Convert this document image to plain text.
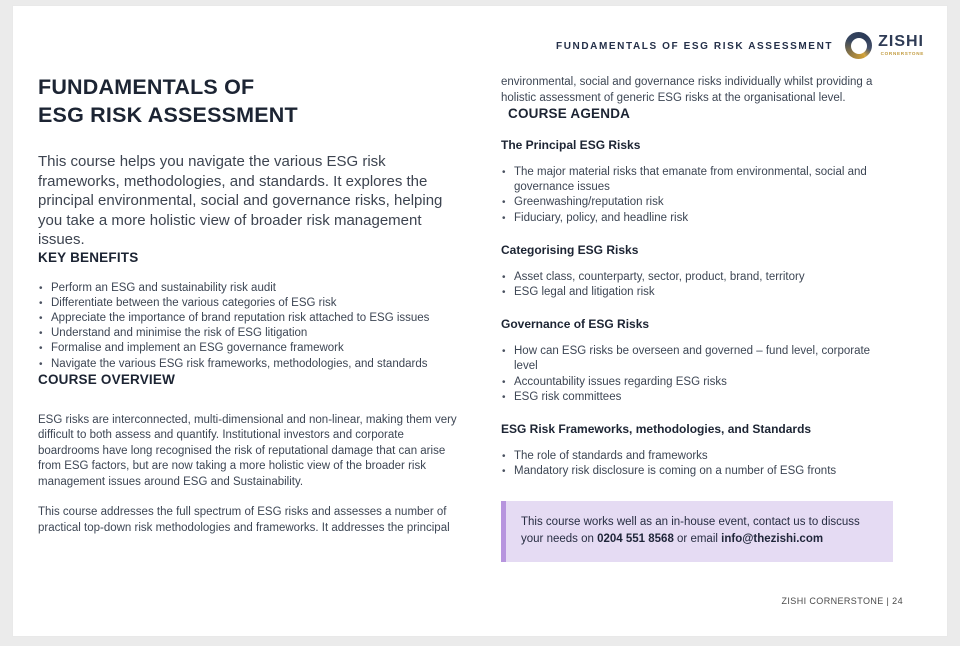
FUNDAMENTALS OF ESG RISK ASSESSMENT	ZISHI
CORNERSTONE
FUNDAMENTALS OF
ESG RISK ASSESSMENT

This course helps you navigate the various ESG risk frameworks, methodologies, and standards. It explores the principal environmental, social and governance risks, helping you take a more holistic view of broader risk management issues.

KEY BENEFITS
• Perform an ESG and sustainability risk audit
• Differentiate between the various categories of ESG risk
• Appreciate the importance of brand reputation risk attached to ESG issues
• Understand and minimise the risk of ESG litigation
• Formalise and implement an ESG governance framework
• Navigate the various ESG risk frameworks, methodologies, and standards
COURSE OVERVIEW

ESG risks are interconnected, multi-dimensional and non-linear, making them very difficult to both assess and quantify. Institutional investors and corporate boardrooms have long recognised the risk of reputational damage that can arise from ESG factors, but are now taking a more holistic view of the broader risk management issues around ESG and Sustainability.

This course addresses the full spectrum of ESG risks and assesses a number of practical top-down risk methodologies and frameworks. It addresses the principal

environmental, social and governance risks individually whilst providing a holistic assessment of generic ESG risks at the organisational level.

COURSE AGENDA
The Principal ESG Risks
• The major material risks that emanate from environmental, social and governance issues
• Greenwashing/reputation risk
• Fiduciary, policy, and headline risk
Categorising ESG Risks
• Asset class, counterparty, sector, product, brand, territory
• ESG legal and litigation risk
Governance of ESG Risks
• How can ESG risks be overseen and governed – fund level, corporate level
• Accountability issues regarding ESG risks
• ESG risk committees
ESG Risk Frameworks, methodologies, and Standards
• The role of standards and frameworks
• Mandatory risk disclosure is coming on a number of ESG fronts
This course works well as an in-house event, contact us to discuss your needs on 0204 551 8568 or email info@thezishi.com
ZISHI CORNERSTONE | 24
